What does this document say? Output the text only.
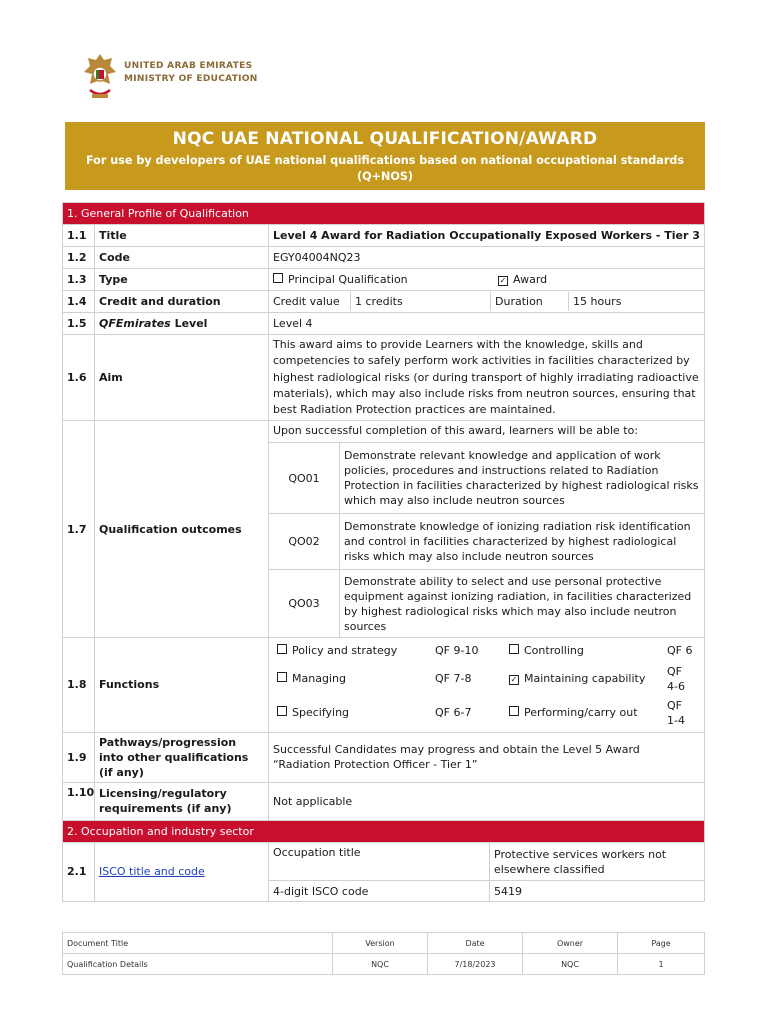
UNITED ARAB EMIRATES
MINISTRY OF EDUCATION
NQC UAE NATIONAL QUALIFICATION/AWARD
For use by developers of UAE national qualifications based on national occupational standards (Q+NOS)
1. General Profile of Qualification
1.1	Title	Level 4 Award for Radiation Occupationally Exposed Workers - Tier 3
1.2	Code	EGY04004NQ23
1.3	Type		Principal Qualification	✓ Award

1.4	Credit and duration		Credit value	1 credits	Duration	15 hours

1.5	QFEmirates Level	Level 4
1.6	Aim	This award aims to provide Learners with the knowledge, skills and competencies to safely perform work activities in facilities characterized by highest radiological risks (or during transport of highly irradiating radioactive materials), which may also include risks from neutron sources, ensuring that best Radiation Protection practices are maintained.
1.7	Qualification outcomes	
Upon successful completion of this award, learners will be able to:
QO01	Demonstrate relevant knowledge and application of work policies, procedures and instructions related to Radiation Protection in facilities characterized by highest radiological risks which may also include neutron sources
QO02	Demonstrate knowledge of ionizing radiation risk identification and control in facilities characterized by highest radiological risks which may also include neutron sources
QO03	Demonstrate ability to select and use personal protective equipment against ionizing radiation, in facilities characterized by highest radiological risks which may also include neutron sources

1.8	Functions	
Policy and strategy	QF 9-10	Controlling	QF 6
Managing	QF 7-8	✓ Maintaining capability	QF 4-6
Specifying	QF 6-7	Performing/carry out	QF 1-4

1.9	Pathways/progression into other qualifications (if any)	Successful Candidates may progress and obtain the Level 5 Award “Radiation Protection Officer - Tier 1”
1.10	Licensing/regulatory requirements (if any)	Not applicable
2. Occupation and industry sector
2.1	ISCO title and code	
Occupation title	Protective services workers not elsewhere classified
4-digit ISCO code	5419
Document Title	Version	Date	Owner	Page
Qualification Details	NQC	7/18/2023	NQC	1
